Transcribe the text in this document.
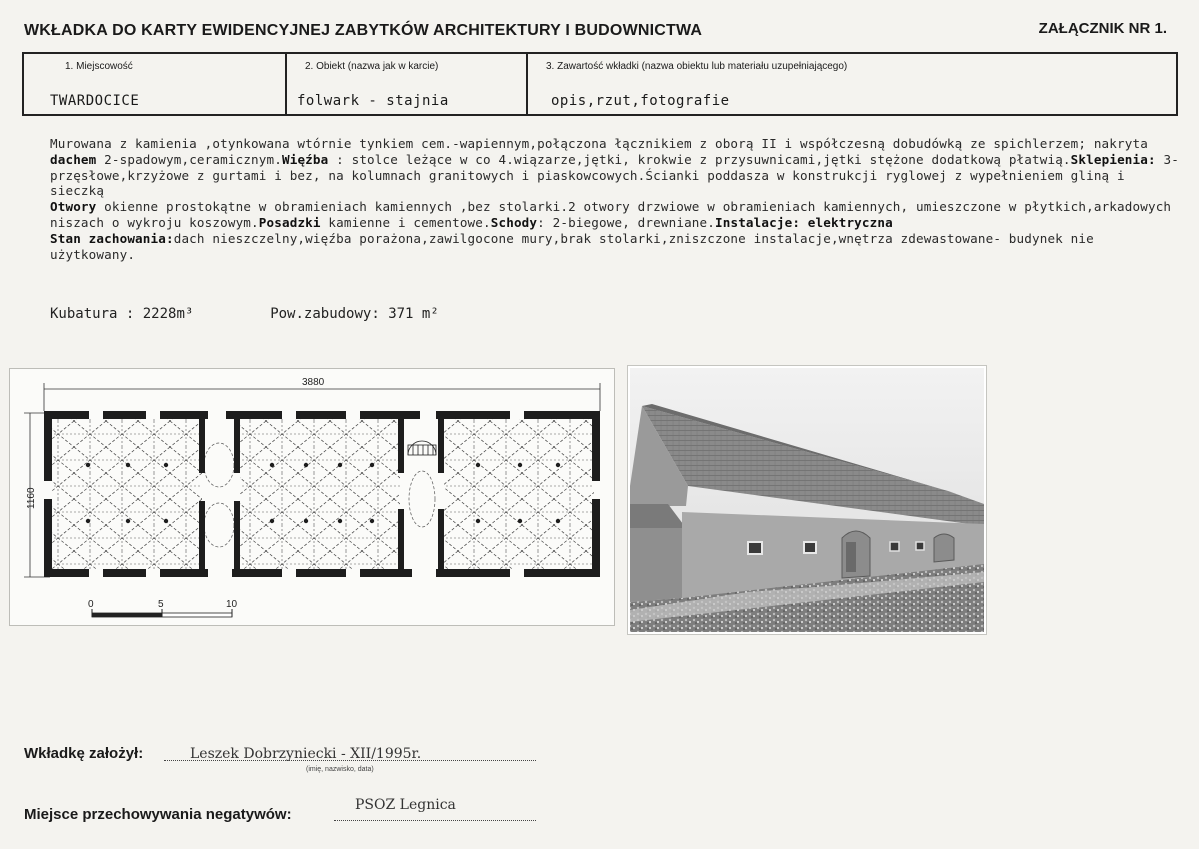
WKŁADKA DO KARTY EWIDENCYJNEJ ZABYTKÓW ARCHITEKTURY I BUDOWNICTWA	ZAŁĄCZNIK NR 1.
1. Miejscowość	2. Obiekt (nazwa jak w karcie)	3. Zawartość wkładki (nazwa obiektu lub materiału uzupełniającego)
TWARDOCICE	folwark - stajnia	opis,rzut,fotografie
Murowana z kamienia ,otynkowana wtórnie tynkiem cem.-wapiennym,połączona łącznikiem z oborą II i współczesną dobudówką ze spichlerzem; nakryta dachem 2-spadowym,ceramicznym.Więźba : stolce leżące w co 4.wiązarze,jętki, krokwie z przysuwnicami,jętki stężone dodatkową płatwią.Sklepienia: 3-przęsłowe,krzyżowe z gurtami i bez, na kolumnach granitowych i piaskowcowych.Ścianki poddasza w konstrukcji ryglowej z wypełnieniem gliną i sieczką
Otwory okienne prostokątne w obramieniach kamiennych ,bez stolarki.2 otwory drzwiowe w obramieniach kamiennych, umieszczone w płytkich,arkadowych niszach o wykroju koszowym.Posadzki kamienne i cementowe.Schody: 2-biegowe, drewniane.Instalacje: elektryczna
Stan zachowania:dach nieszczelny,więźba porażona,zawilgocone mury,brak stolarki,zniszczone instalacje,wnętrza zdewastowane- budynek nie użytkowany.
Kubatura : 2228m³	Pow.zabudowy: 371 m²
3880
1160
0	5	10
Wkładkę założył:	Leszek Dobrzyniecki - XII/1995r.
(imię, nazwisko, data)
Miejsce przechowywania negatywów:
PSOZ Legnica
